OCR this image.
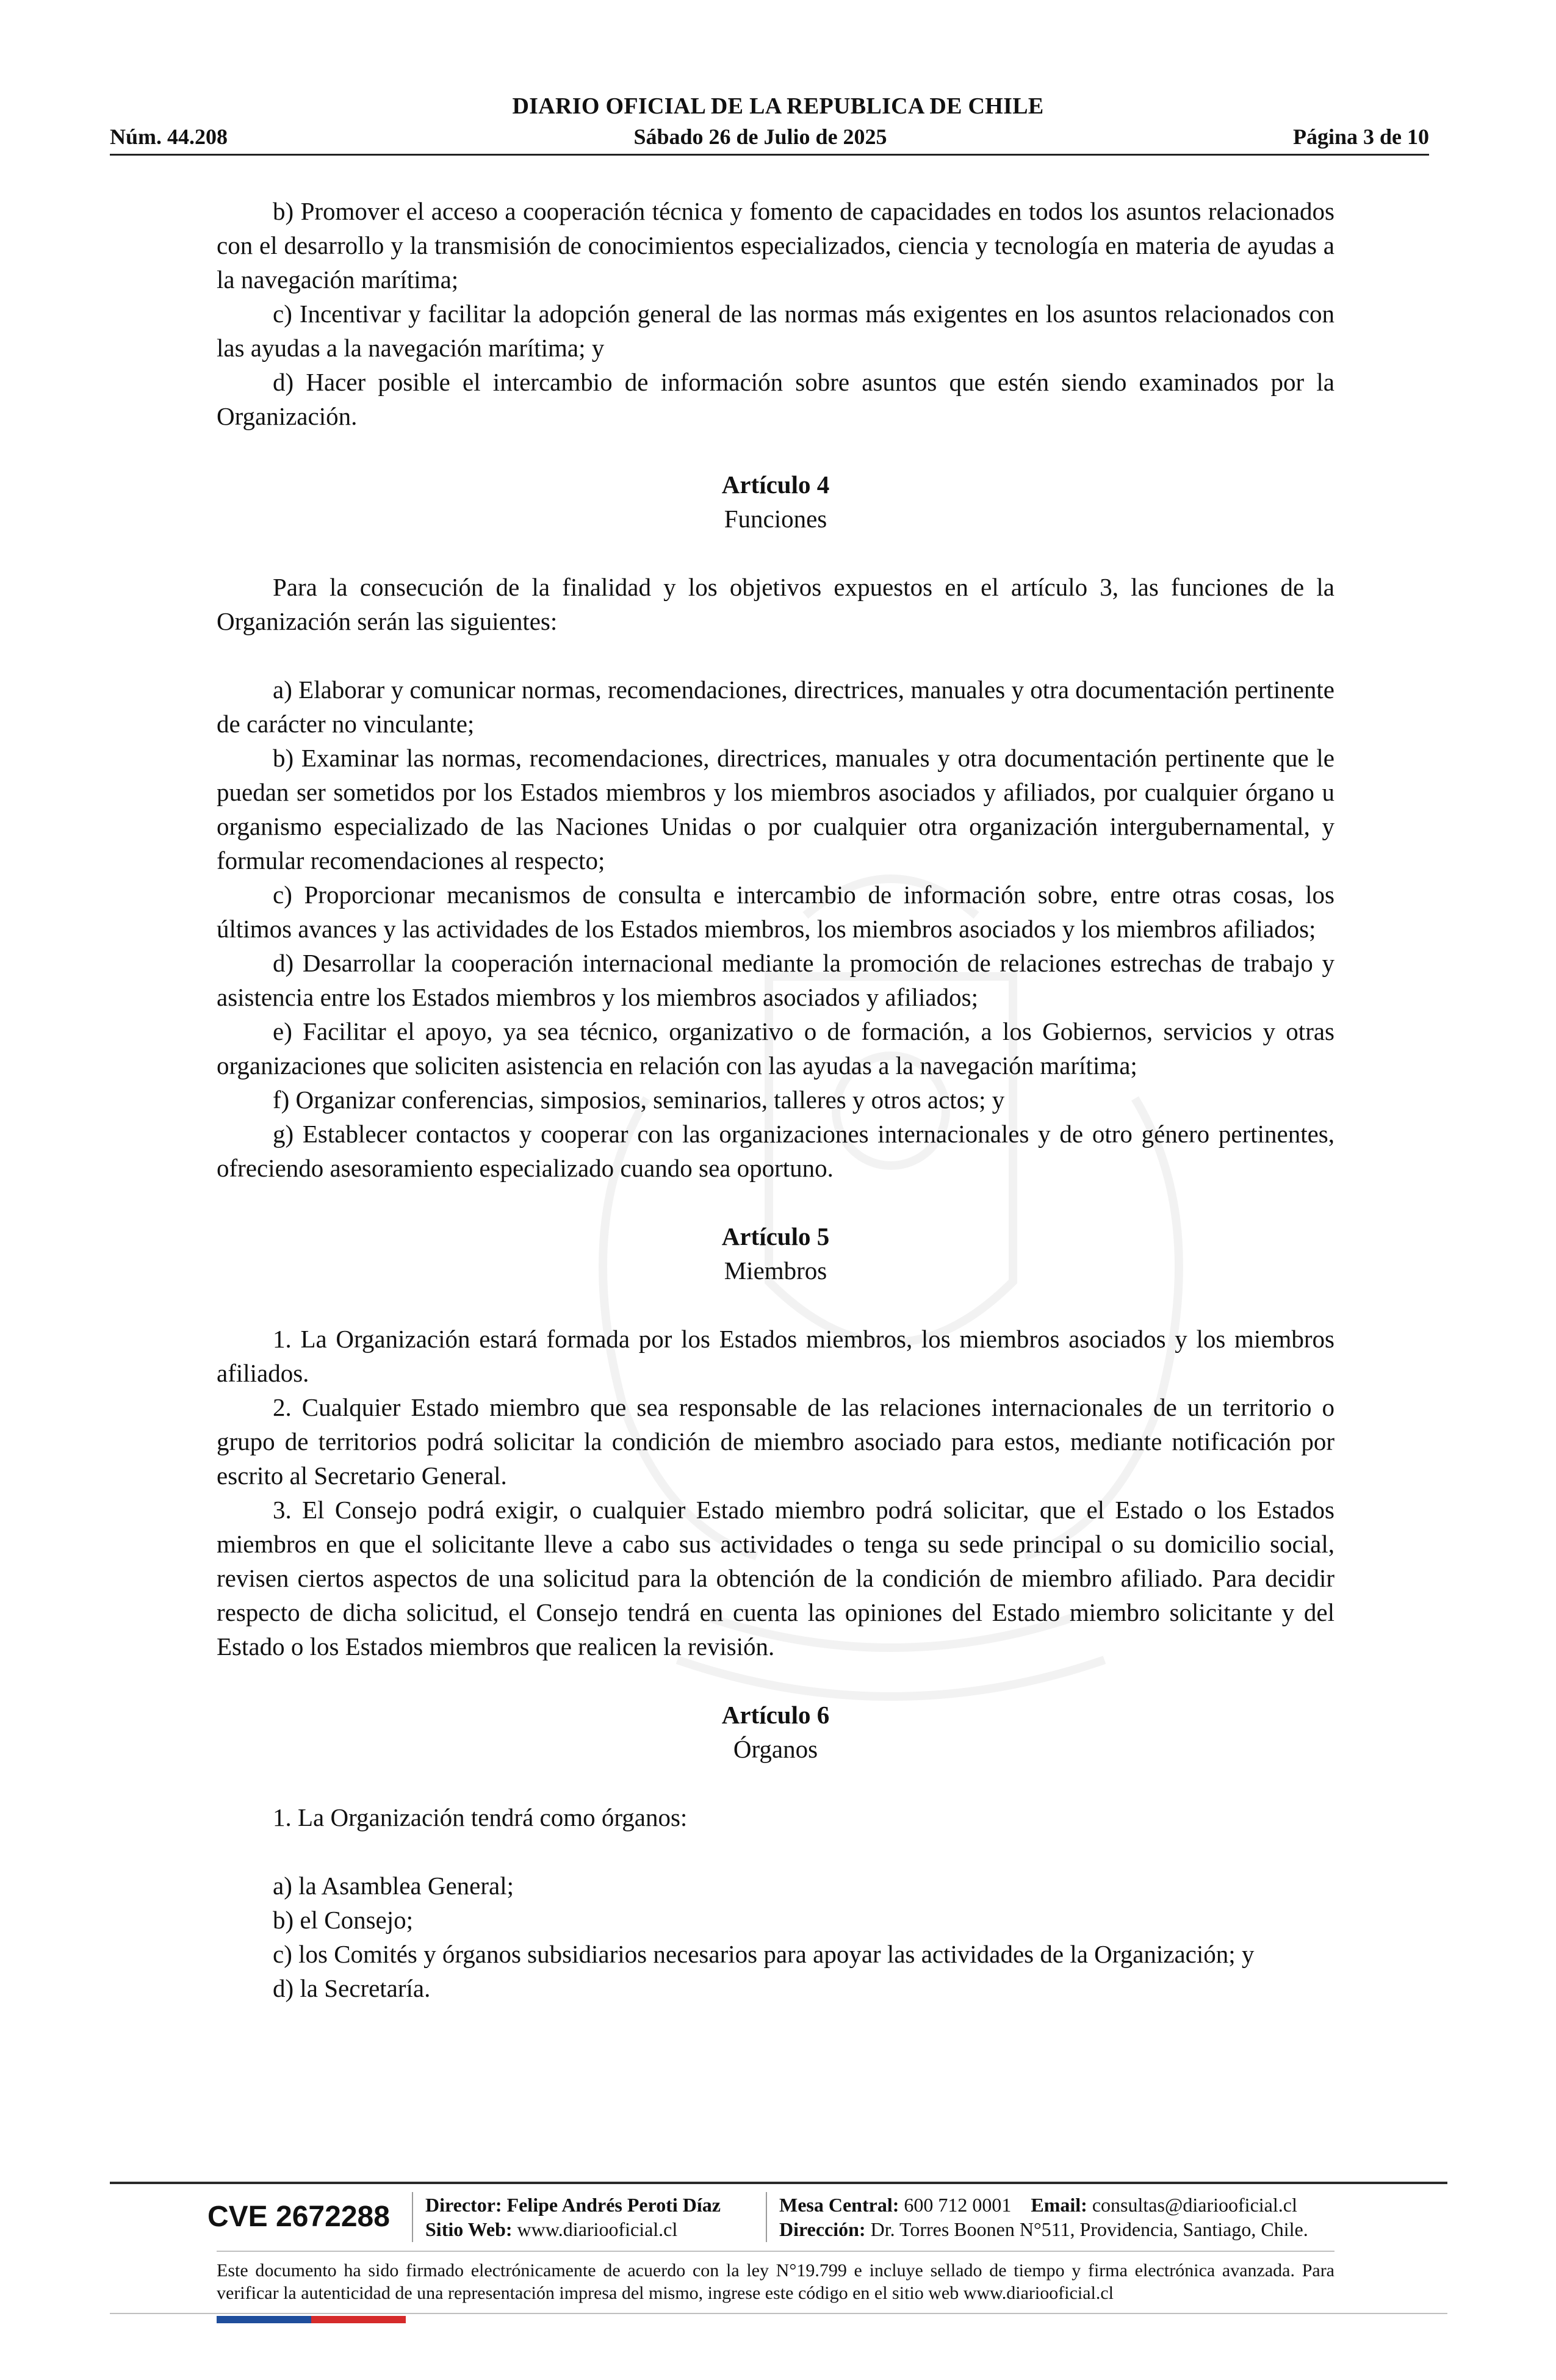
DIARIO OFICIAL DE LA REPUBLICA DE CHILE
Núm. 44.208	Sábado 26 de Julio de 2025	Página 3 de 10

b) Promover el acceso a cooperación técnica y fomento de capacidades en todos los asuntos relacionados con el desarrollo y la transmisión de conocimientos especializados, ciencia y tecnología en materia de ayudas a la navegación marítima;

c) Incentivar y facilitar la adopción general de las normas más exigentes en los asuntos relacionados con las ayudas a la navegación marítima; y

d) Hacer posible el intercambio de información sobre asuntos que estén siendo examinados por la Organización.

Artículo 4
Funciones

Para la consecución de la finalidad y los objetivos expuestos en el artículo 3, las funciones de la Organización serán las siguientes:

a) Elaborar y comunicar normas, recomendaciones, directrices, manuales y otra documentación pertinente de carácter no vinculante;

b) Examinar las normas, recomendaciones, directrices, manuales y otra documentación pertinente que le puedan ser sometidos por los Estados miembros y los miembros asociados y afiliados, por cualquier órgano u organismo especializado de las Naciones Unidas o por cualquier otra organización intergubernamental, y formular recomendaciones al respecto;

c) Proporcionar mecanismos de consulta e intercambio de información sobre, entre otras cosas, los últimos avances y las actividades de los Estados miembros, los miembros asociados y los miembros afiliados;

d) Desarrollar la cooperación internacional mediante la promoción de relaciones estrechas de trabajo y asistencia entre los Estados miembros y los miembros asociados y afiliados;

e) Facilitar el apoyo, ya sea técnico, organizativo o de formación, a los Gobiernos, servicios y otras organizaciones que soliciten asistencia en relación con las ayudas a la navegación marítima;

f) Organizar conferencias, simposios, seminarios, talleres y otros actos; y

g) Establecer contactos y cooperar con las organizaciones internacionales y de otro género pertinentes, ofreciendo asesoramiento especializado cuando sea oportuno.

Artículo 5
Miembros

1. La Organización estará formada por los Estados miembros, los miembros asociados y los miembros afiliados.

2. Cualquier Estado miembro que sea responsable de las relaciones internacionales de un territorio o grupo de territorios podrá solicitar la condición de miembro asociado para estos, mediante notificación por escrito al Secretario General.

3. El Consejo podrá exigir, o cualquier Estado miembro podrá solicitar, que el Estado o los Estados miembros en que el solicitante lleve a cabo sus actividades o tenga su sede principal o su domicilio social, revisen ciertos aspectos de una solicitud para la obtención de la condición de miembro afiliado. Para decidir respecto de dicha solicitud, el Consejo tendrá en cuenta las opiniones del Estado miembro solicitante y del Estado o los Estados miembros que realicen la revisión.

Artículo 6
Órganos

1. La Organización tendrá como órganos:

a) la Asamblea General;

b) el Consejo;

c) los Comités y órganos subsidiarios necesarios para apoyar las actividades de la Organización; y

d) la Secretaría.

CVE 2672288 Director: Felipe Andrés Peroti Díaz
Sitio Web: www.diariooficial.cl
Mesa Central: 600 712 0001 Email: consultas@diariooficial.cl
Dirección: Dr. Torres Boonen N°511, Providencia, Santiago, Chile.
Este documento ha sido firmado electrónicamente de acuerdo con la ley N°19.799 e incluye sellado de tiempo y firma electrónica avanzada. Para verificar la autenticidad de una representación impresa del mismo, ingrese este código en el sitio web www.diariooficial.cl
